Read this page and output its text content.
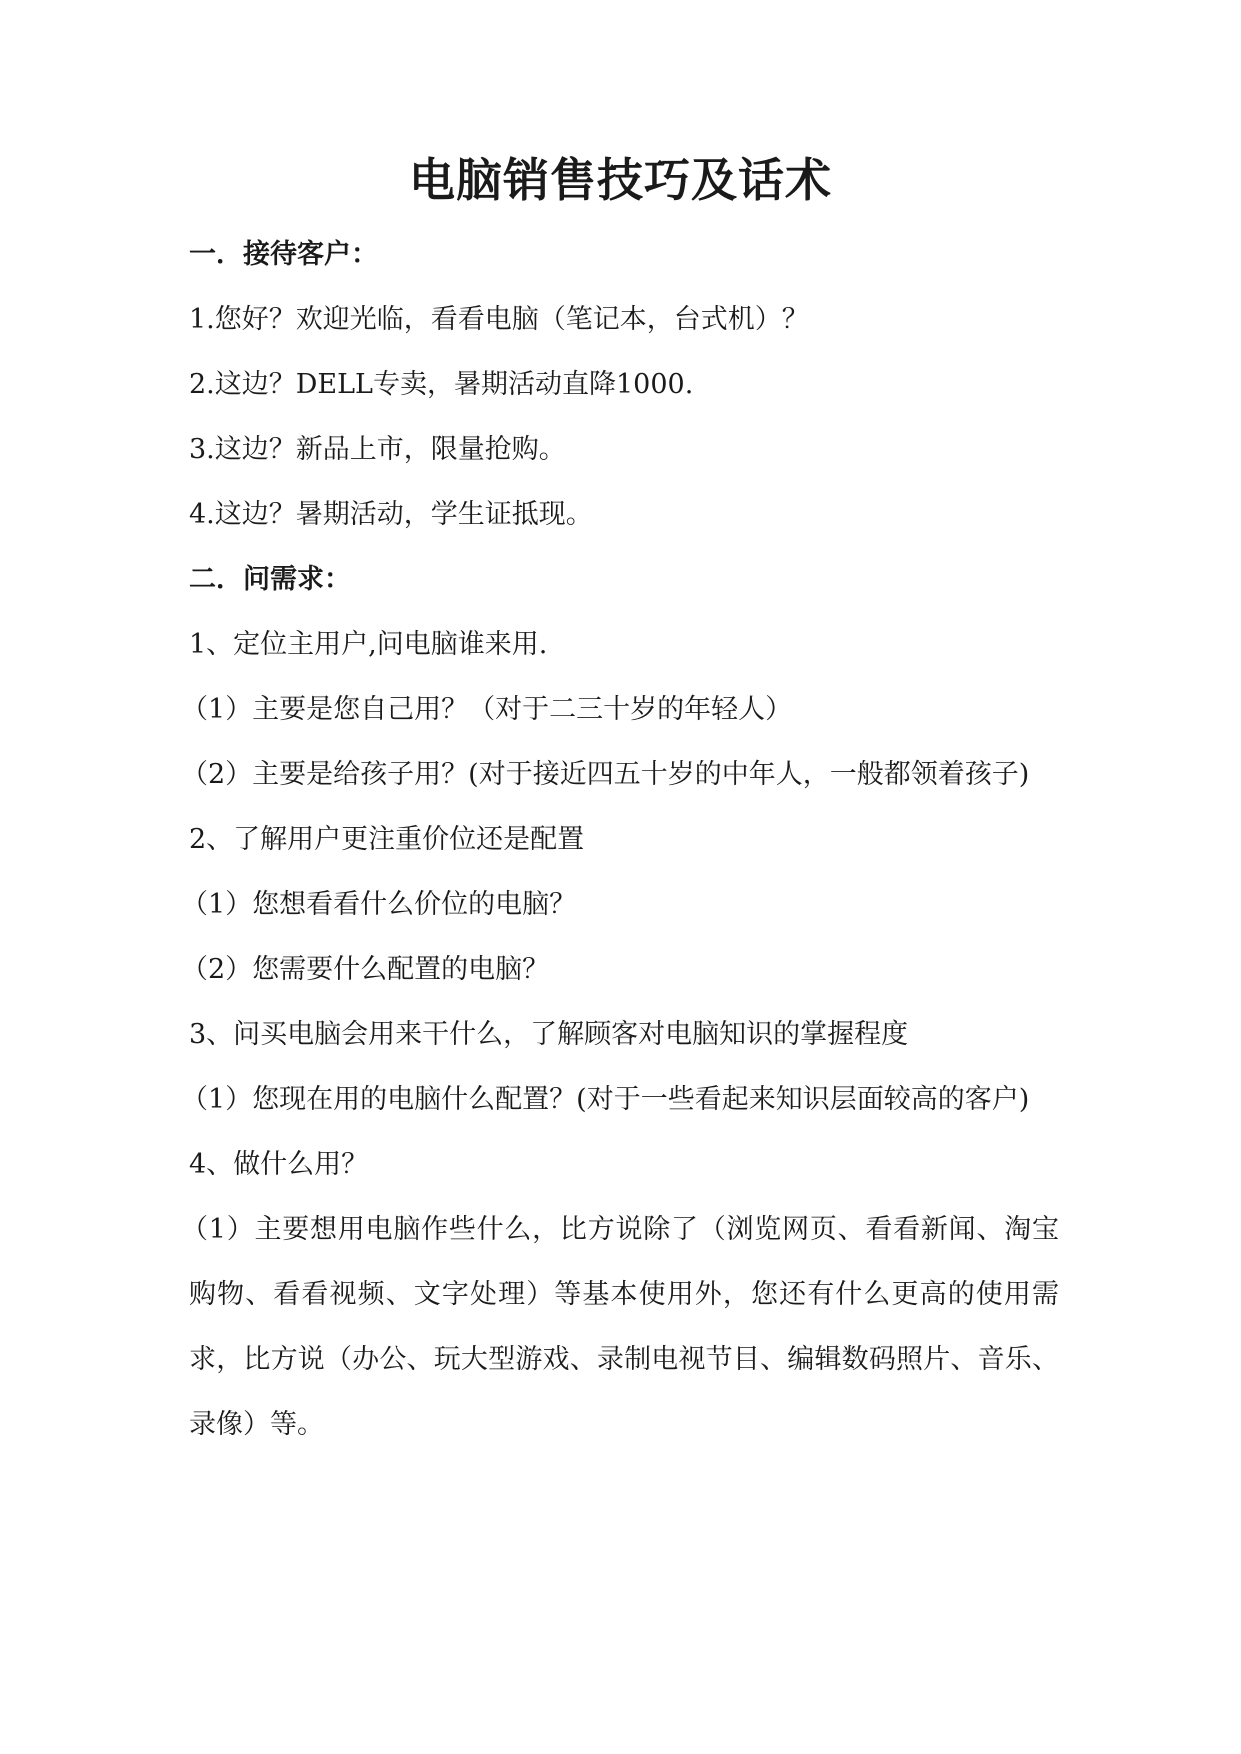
电脑销售技巧及话术

一．接待客户：

1.您好？欢迎光临，看看电脑（笔记本，台式机）？

2.这边？DELL专卖，暑期活动直降1000.

3.这边？新品上市，限量抢购。

4.这边？暑期活动，学生证抵现。

二．问需求：

1、定位主用户,问电脑谁来用.

（1）主要是您自己用？（对于二三十岁的年轻人）

（2）主要是给孩子用？(对于接近四五十岁的中年人，一般都领着孩子)

2、了解用户更注重价位还是配置

（1）您想看看什么价位的电脑？

（2）您需要什么配置的电脑？

3、问买电脑会用来干什么，了解顾客对电脑知识的掌握程度

（1）您现在用的电脑什么配置？(对于一些看起来知识层面较高的客户)

4、做什么用？

（1）主要想用电脑作些什么，比方说除了（浏览网页、看看新闻、淘宝购物、看看视频、文字处理）等基本使用外，您还有什么更高的使用需求，比方说（办公、玩大型游戏、录制电视节目、编辑数码照片、音乐、录像）等。
